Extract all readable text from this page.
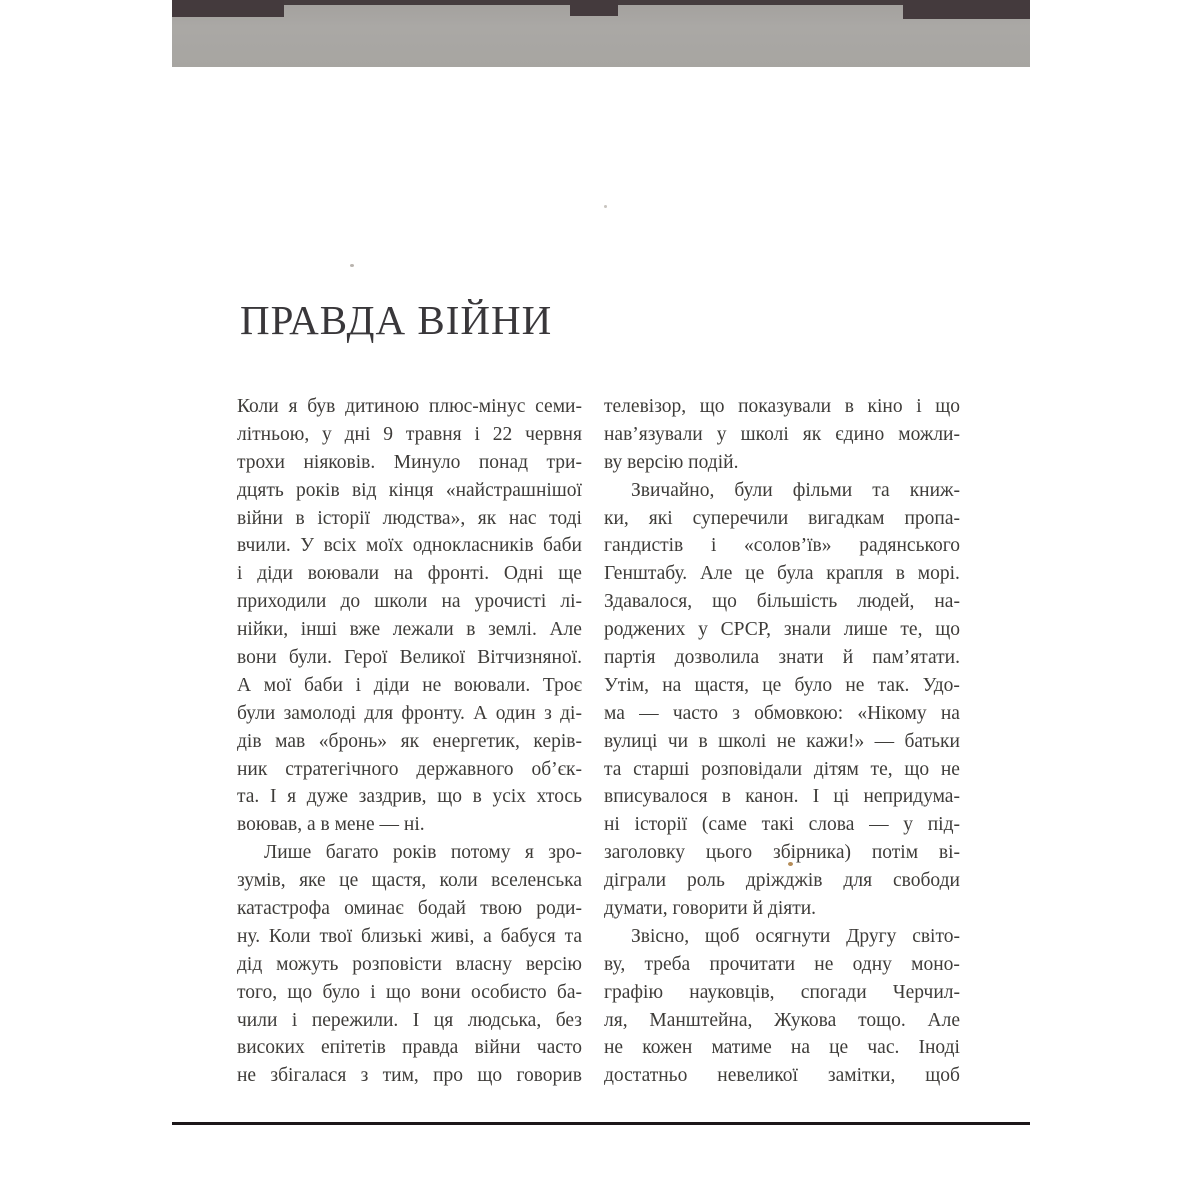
ПРАВДА ВІЙНИ
Коли я був дитиною плюс-мінус семи-
літньою, у дні 9 травня і 22 червня
трохи ніяковів. Минуло понад три-
дцять років від кінця «найстрашнішої
війни в історії людства», як нас тоді
вчили. У всіх моїх однокласників баби
і діди воювали на фронті. Одні ще
приходили до школи на урочисті лі-
нійки, інші вже лежали в землі. Але
вони були. Герої Великої Вітчизняної.
А мої баби і діди не воювали. Троє
були замолоді для фронту. А один з ді-
дів мав «бронь» як енергетик, керів-
ник стратегічного державного об’єк-
та. І я дуже заздрив, що в усіх хтось
воював, а в мене — ні.
Лише багато років потому я зро-
зумів, яке це щастя, коли вселенська
катастрофа оминає бодай твою роди-
ну. Коли твої близькі живі, а бабуся та
дід можуть розповісти власну версію
того, що було і що вони особисто ба-
чили і пережили. І ця людська, без
високих епітетів правда війни часто
не збігалася з тим, про що говорив
телевізор, що показували в кіно і що
нав’язували у школі як єдино можли-
ву версію подій.
Звичайно, були фільми та книж-
ки, які суперечили вигадкам пропа-
гандистів і «солов’їв» радянського
Генштабу. Але це була крапля в морі.
Здавалося, що більшість людей, на-
роджених у СРСР, знали лише те, що
партія дозволила знати й пам’ятати.
Утім, на щастя, це було не так. Удо-
ма — часто з обмовкою: «Нікому на
вулиці чи в школі не кажи!» — батьки
та старші розповідали дітям те, що не
вписувалося в канон. І ці непридума-
ні історії (саме такі слова — у під-
заголовку цього збірника) потім ві-
діграли роль дріжджів для свободи
думати, говорити й діяти.
Звісно, щоб осягнути Другу світо-
ву, треба прочитати не одну моно-
графію науковців, спогади Черчил-
ля, Манштейна, Жукова тощо. Але
не кожен матиме на це час. Іноді
достатньо невеликої замітки, щоб
